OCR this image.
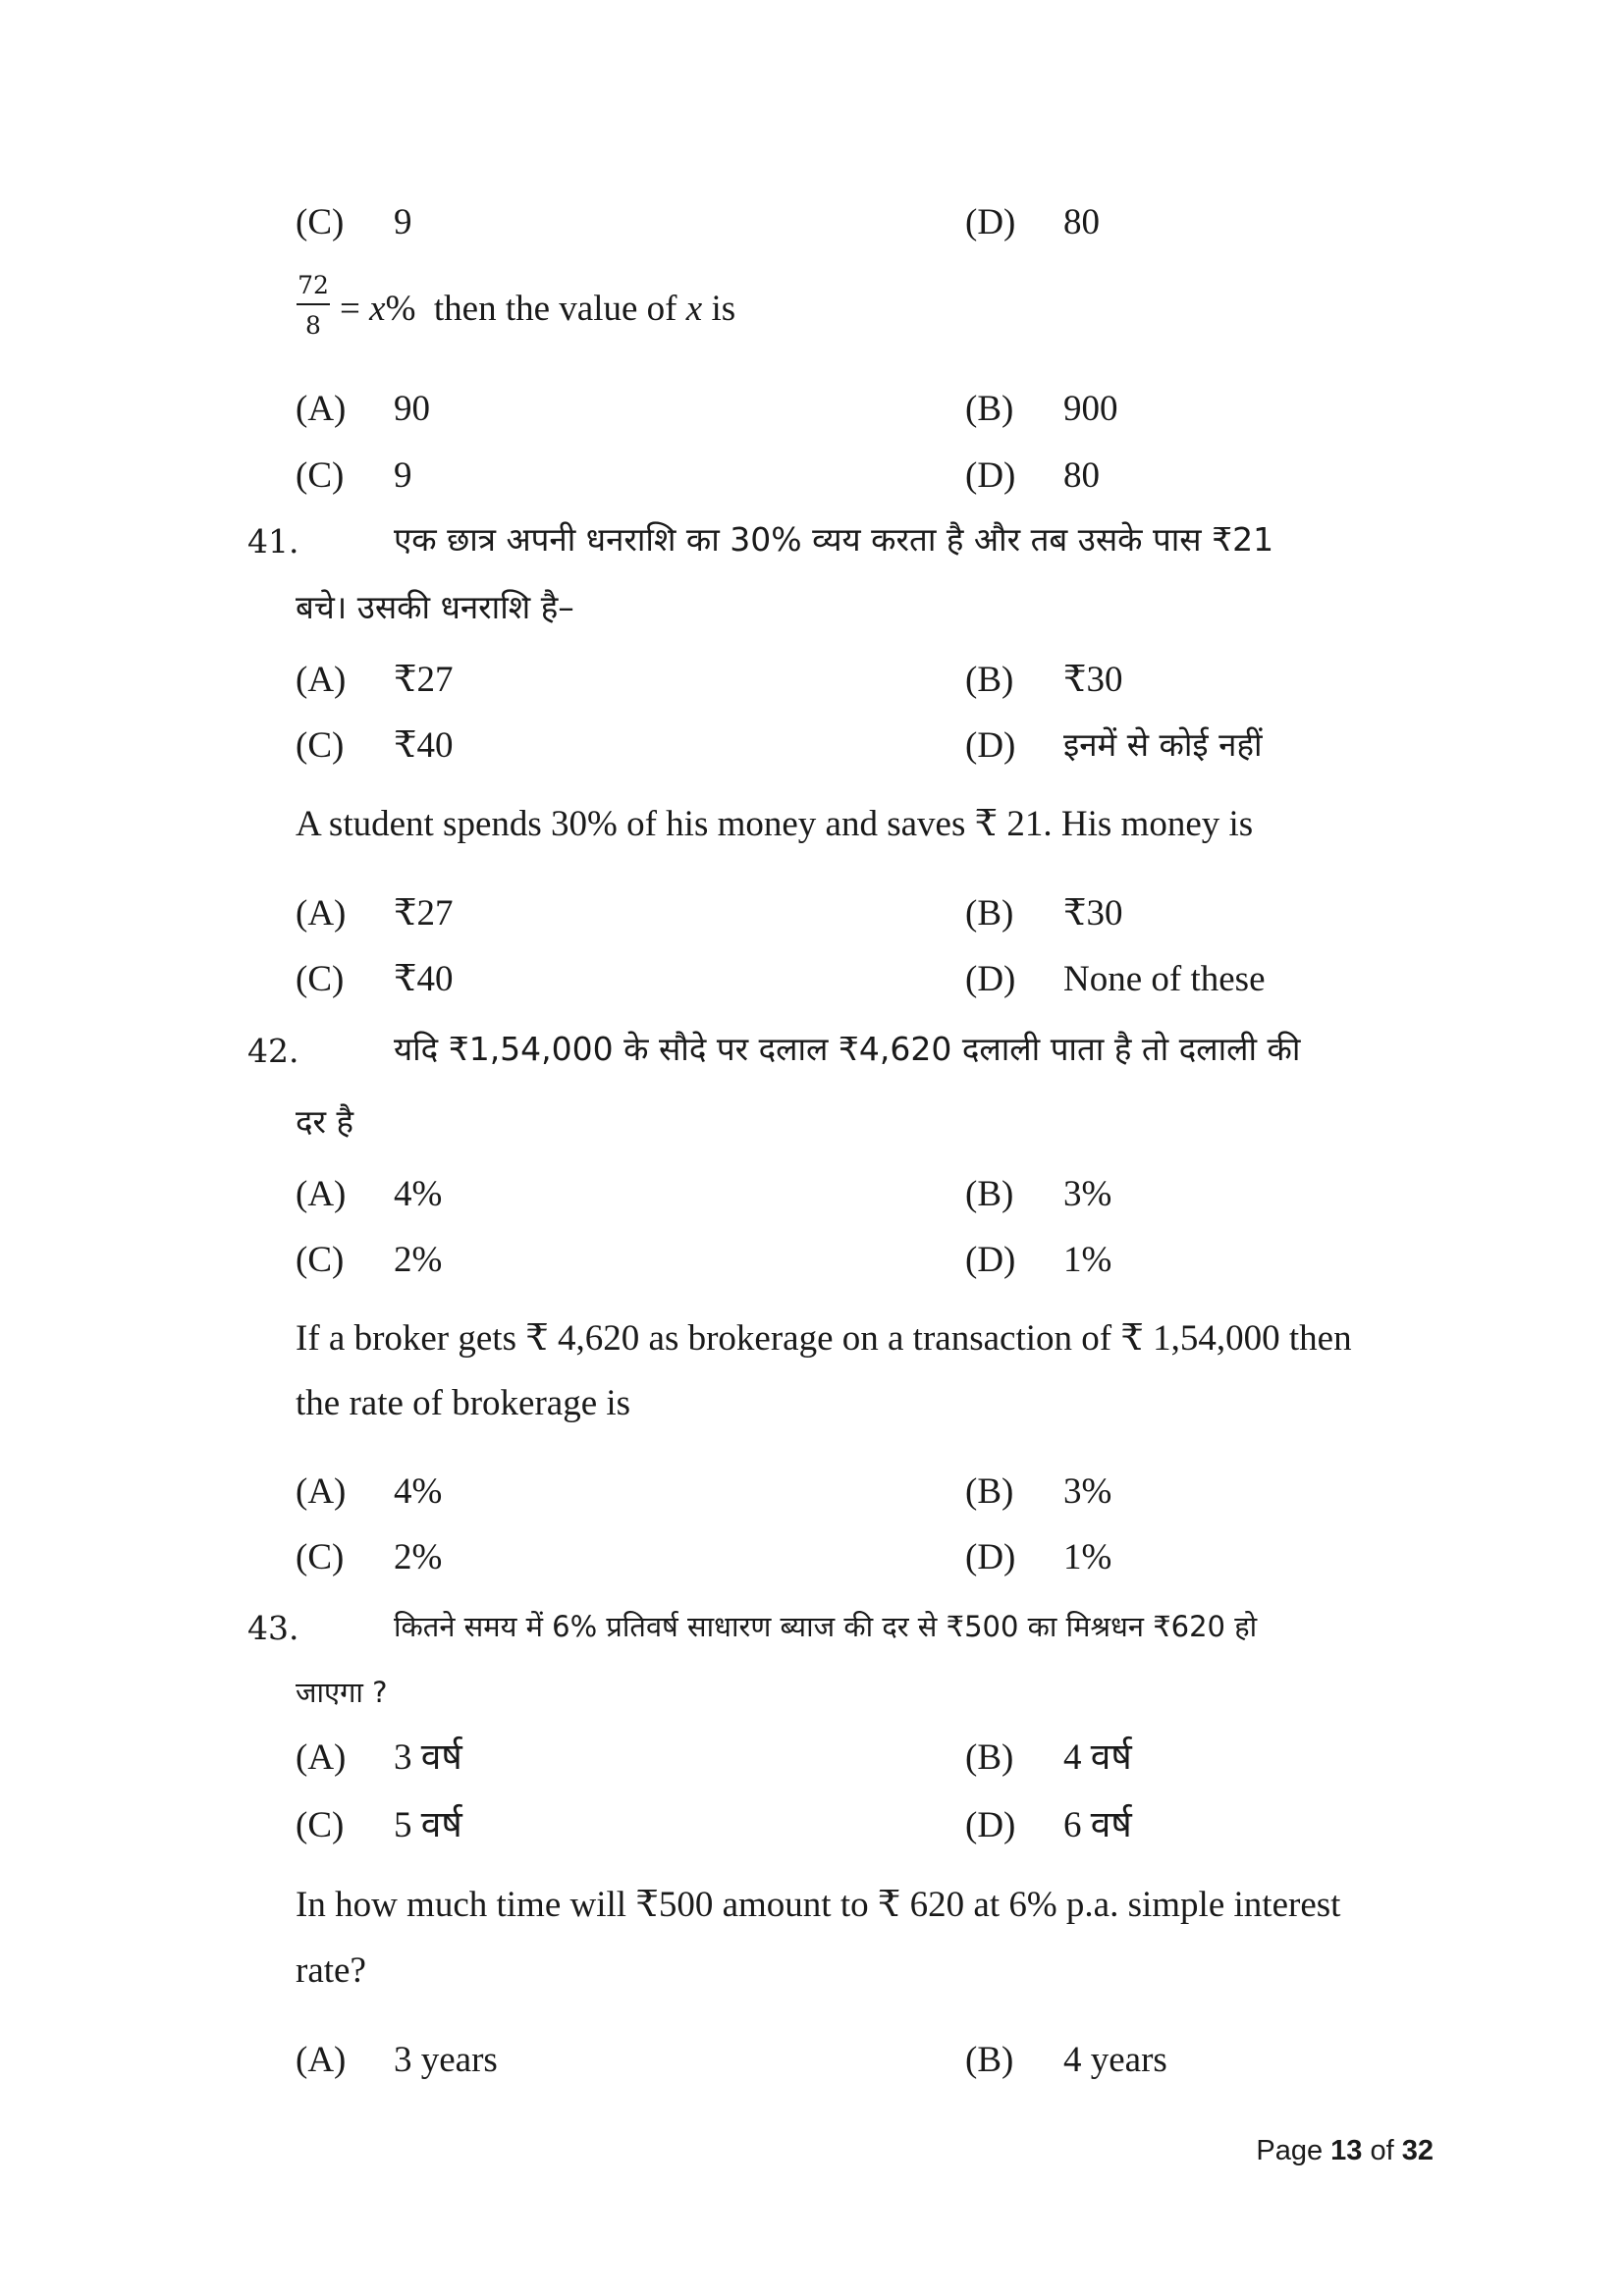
(C) 9	(D) 80
$\frac{72}{8} = x\%$ then the value of x is
(A) 90	(B) 900
(C) 9	(D) 80
41.	एक छात्र अपनी धनराशि का 30% व्यय करता है और तब उसके पास ₹21
बचे। उसकी धनराशि है–
(A) ₹27	(B) ₹30
(C) ₹40	(D) इनमें से कोई नहीं
A student spends 30% of his money and saves ₹ 21. His money is
(A) ₹27	(B) ₹30
(C) ₹40	(D) None of these
42.	यदि ₹1,54,000 के सौदे पर दलाल ₹4,620 दलाली पाता है तो दलाली की
दर है
(A) 4%	(B) 3%
(C) 2%	(D) 1%
If a broker gets ₹ 4,620 as brokerage on a transaction of ₹ 1,54,000 then
the rate of brokerage is
(A) 4%	(B) 3%
(C) 2%	(D) 1%
43.	कितने समय में 6% प्रतिवर्ष साधारण ब्याज की दर से ₹500 का मिश्रधन ₹620 हो
जाएगा ?
(A) 3 वर्ष	(B) 4 वर्ष
(C) 5 वर्ष	(D) 6 वर्ष
In how much time will ₹500 amount to ₹ 620 at 6% p.a. simple interest
rate?
(A) 3 years	(B) 4 years
Page 13 of 32
